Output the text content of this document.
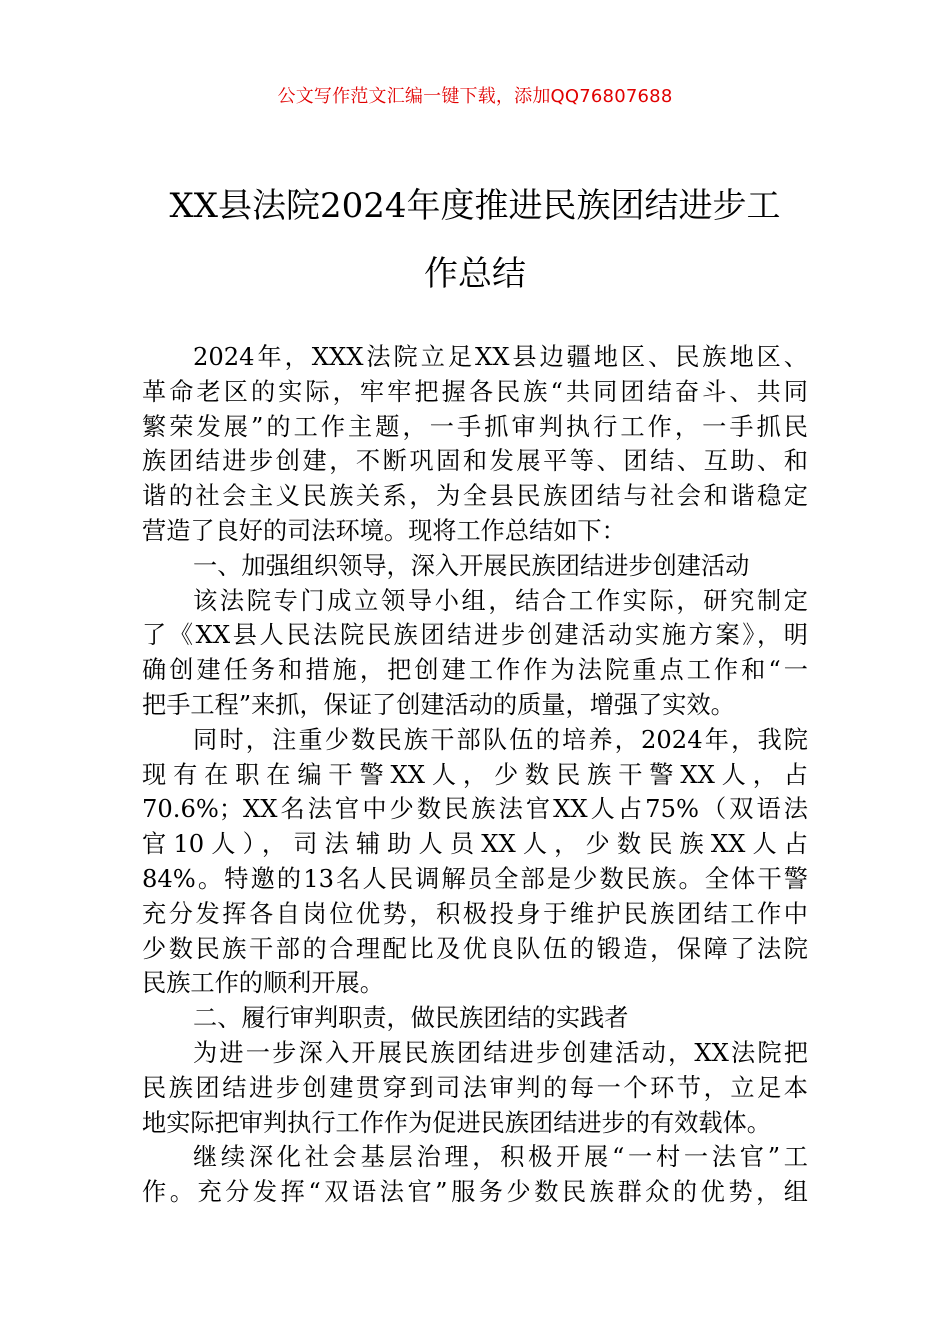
公文写作范文汇编一键下载，添加QQ76807688
XX县法院2024年度推进民族团结进步工
作总结
2024年，XXX法院立足XX县边疆地区、民族地区、
革命老区的实际，牢牢把握各民族“共同团结奋斗、共同
繁荣发展”的工作主题，一手抓审判执行工作，一手抓民
族团结进步创建，不断巩固和发展平等、团结、互助、和
谐的社会主义民族关系，为全县民族团结与社会和谐稳定
营造了良好的司法环境。现将工作总结如下：
一、加强组织领导，深入开展民族团结进步创建活动
该法院专门成立领导小组，结合工作实际，研究制定
了《XX县人民法院民族团结进步创建活动实施方案》，明
确创建任务和措施，把创建工作作为法院重点工作和“一
把手工程”来抓，保证了创建活动的质量，增强了实效。
同时，注重少数民族干部队伍的培养，2024年，我院
现有在职在编干警XX人，少数民族干警XX人，占
70.6%；XX名法官中少数民族法官XX人占75%（双语法
官10人），司法辅助人员XX人，少数民族XX人占
84%。特邀的13名人民调解员全部是少数民族。全体干警
充分发挥各自岗位优势，积极投身于维护民族团结工作中
少数民族干部的合理配比及优良队伍的锻造，保障了法院
民族工作的顺利开展。
二、履行审判职责，做民族团结的实践者
为进一步深入开展民族团结进步创建活动，XX法院把
民族团结进步创建贯穿到司法审判的每一个环节，立足本
地实际把审判执行工作作为促进民族团结进步的有效载体。
继续深化社会基层治理，积极开展“一村一法官”工
作。充分发挥“双语法官”服务少数民族群众的优势，组
